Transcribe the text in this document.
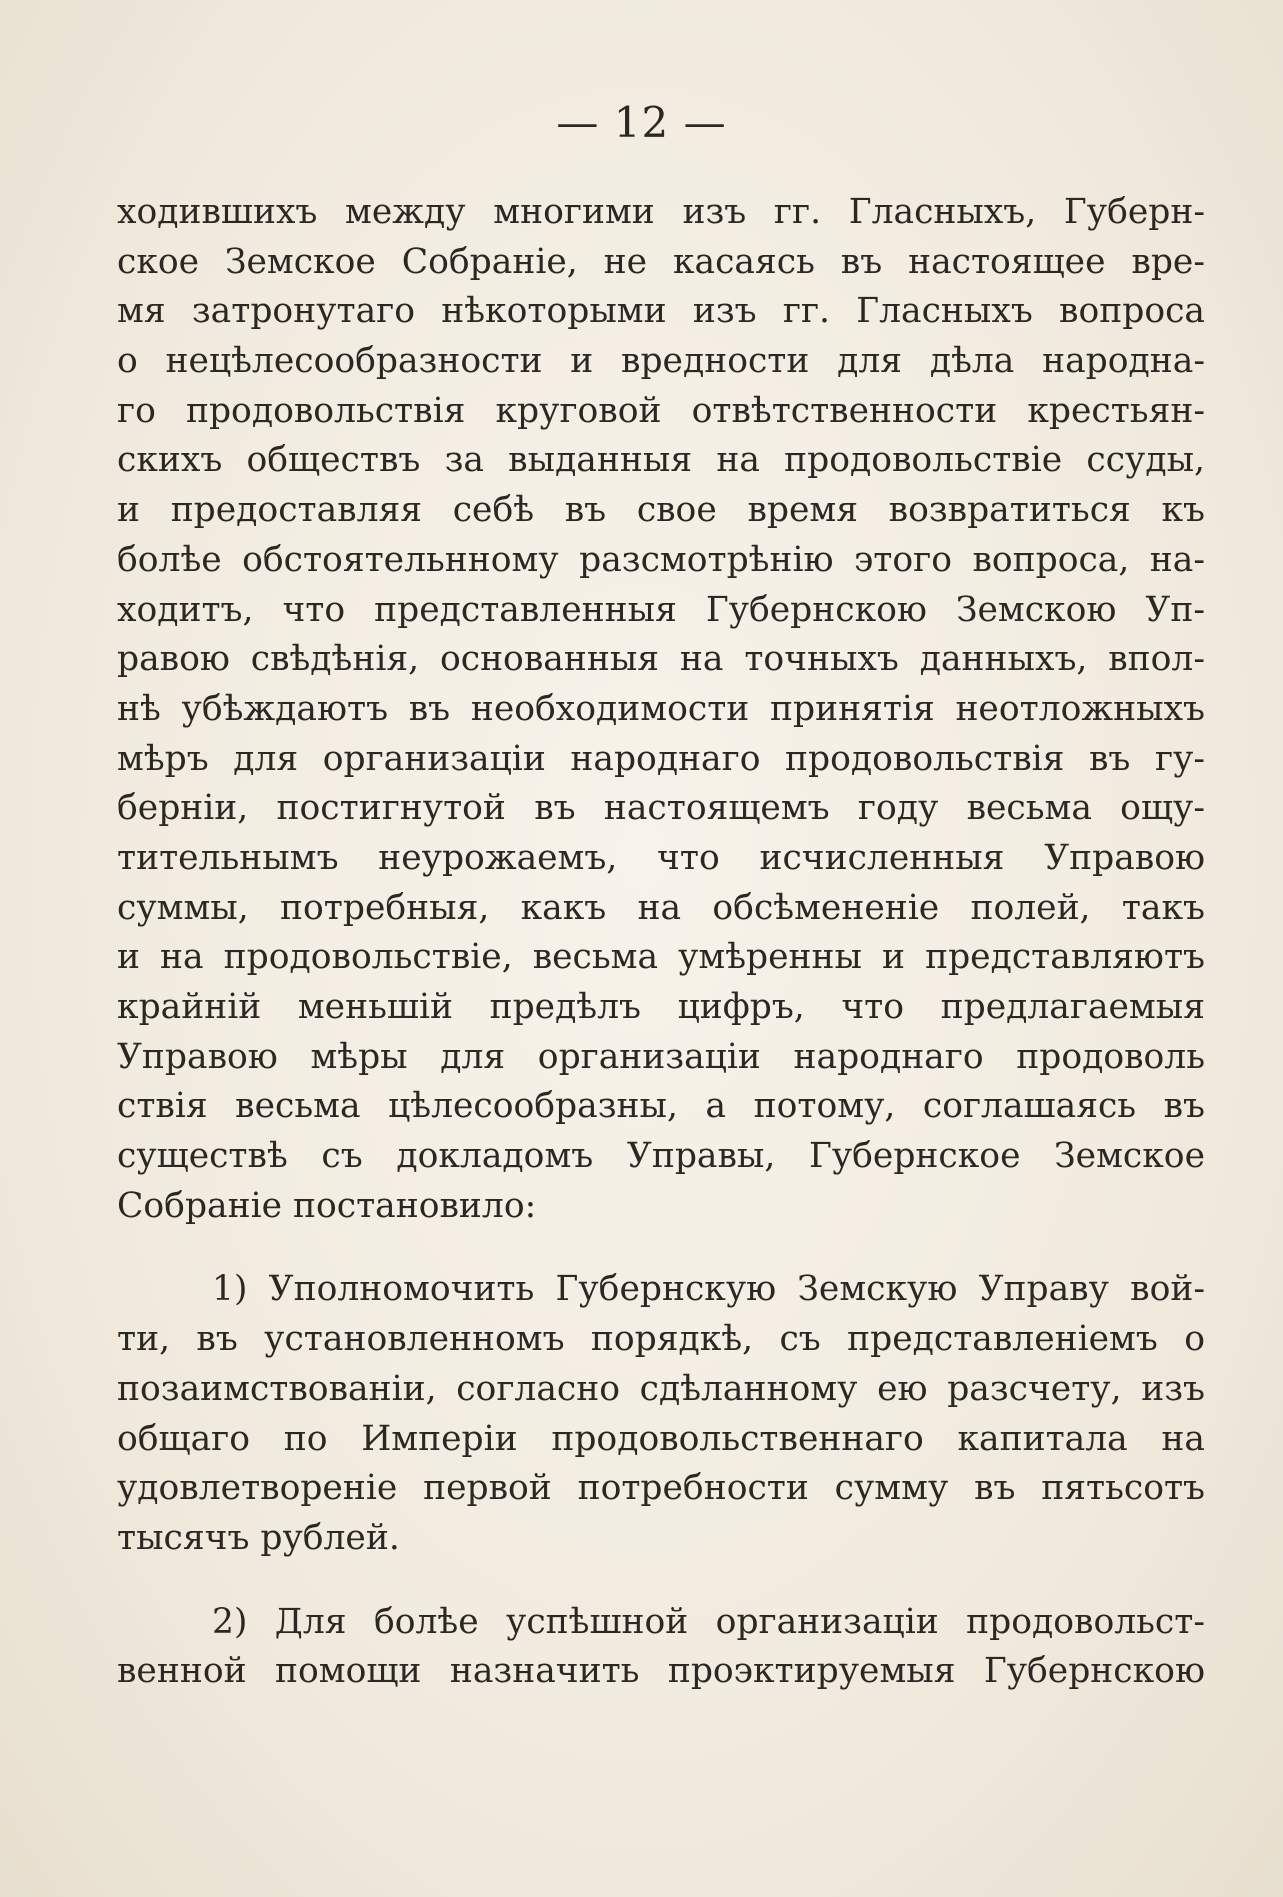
— 12 —
ходившихъ между многими изъ гг. Гласныхъ, Губерн-
ское Земское Собраніе, не касаясь въ настоящее вре-
мя затронутаго нѣкоторыми изъ гг. Гласныхъ вопроса
о нецѣлесообразности и вредности для дѣла народна-
го продовольствія круговой отвѣтственности крестьян-
скихъ обществъ за выданныя на продовольствіе ссуды,
и предоставляя себѣ въ свое время возвратиться къ
болѣе обстоятельнному разсмотрѣнію этого вопроса, на-
ходитъ, что представленныя Губернскою Земскою Уп-
равою свѣдѣнія, основанныя на точныхъ данныхъ, впол-
нѣ убѣждаютъ въ необходимости принятія неотложныхъ
мѣръ для организаціи народнаго продовольствія въ гу-
берніи, постигнутой въ настоящемъ году весьма ощу-
тительнымъ неурожаемъ, что исчисленныя Управою
суммы, потребныя, какъ на обсѣмененіе полей, такъ
и на продовольствіе, весьма умѣренны и представляютъ
крайній меньшій предѣлъ цифръ, что предлагаемыя
Управою мѣры для организаціи народнаго продоволь
ствія весьма цѣлесообразны, а потому, соглашаясь въ
существѣ съ докладомъ Управы, Губернское Земское
Собраніе постановило:
1) Уполномочить Губернскую Земскую Управу вой-
ти, въ установленномъ порядкѣ, съ представленіемъ о
позаимствованіи, согласно сдѣланному ею разсчету, изъ
общаго по Имперіи продовольственнаго капитала на
удовлетвореніе первой потребности сумму въ пятьсотъ
тысячъ рублей.
2) Для болѣе успѣшной организаціи продовольст-
венной помощи назначить проэктируемыя Губернскою
